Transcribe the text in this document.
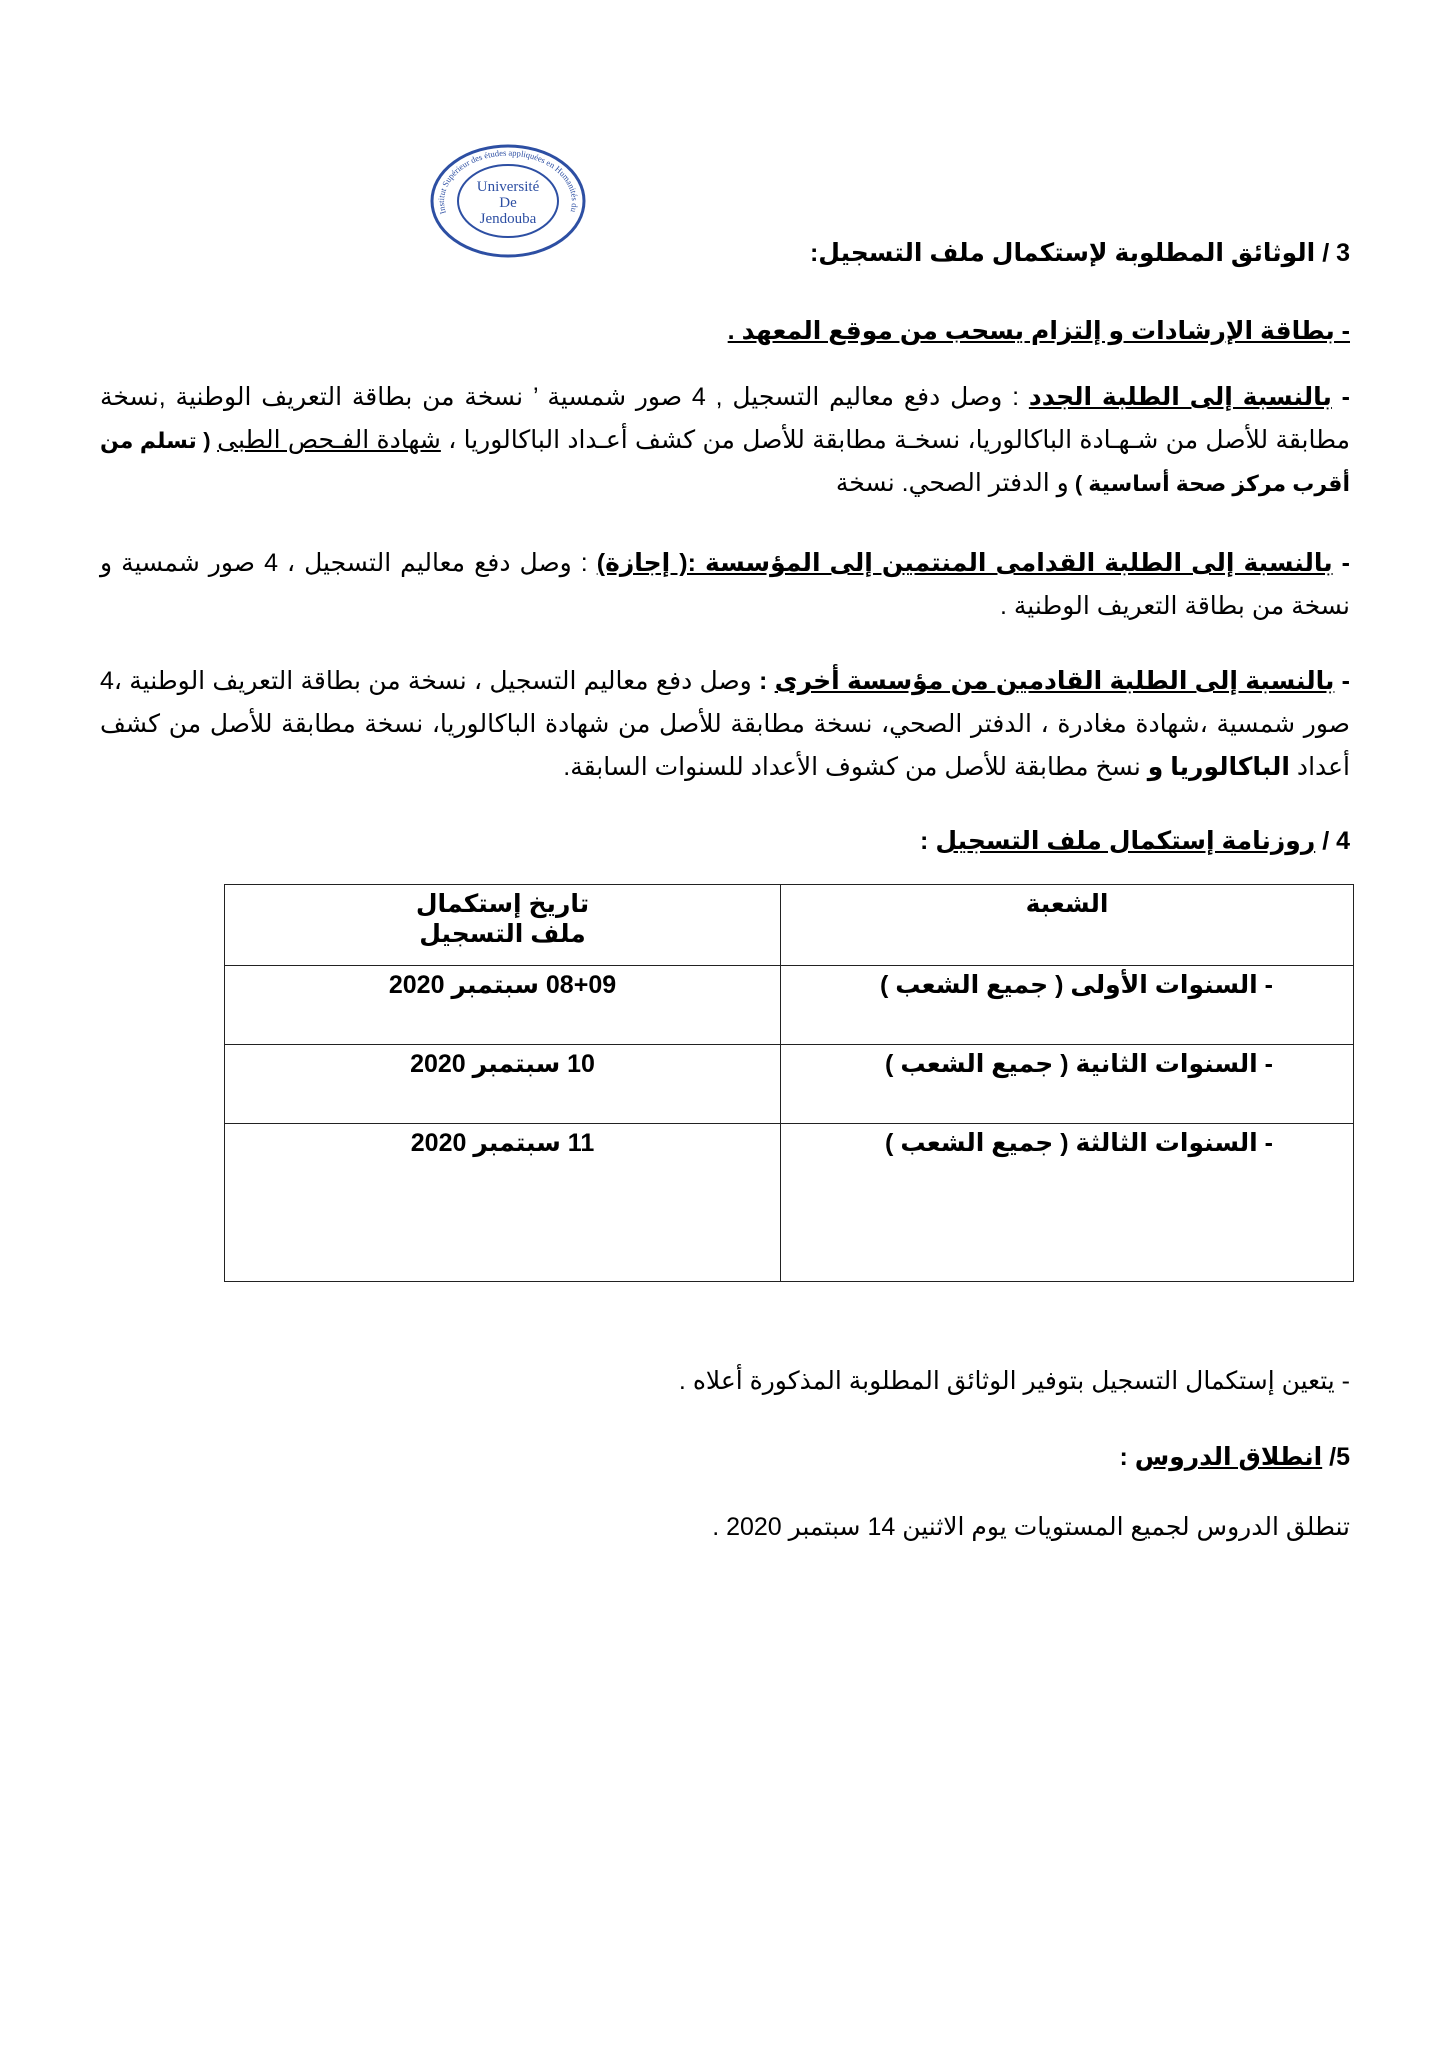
Université
De
Jendouba
Institut Supérieur des études appliquées en Humanités du
3 / الوثائق المطلوبة لإستكمال ملف التسجيل:
- بطاقة الإرشادات و إلتزام يسحب من موقع المعهد .

- بالنسبة إلى الطلبة الجدد : وصل دفع معاليم التسجيل , 4 صور شمسية ’ نسخة من بطاقة التعريف الوطنية ,نسخة مطابقة للأصل من شـهـادة الباكالوريا، نسخـة مطابقة للأصل من كشف أعـداد الباكالوريا ، شهادة الفـحص الطبى ( تسلم من أقرب مركز صحة أساسية ) و الدفتر الصحي. نسخة

- بالنسبة إلى الطلبة القدامى المنتمين إلى المؤسسة :( إجازة) : وصل دفع معاليم التسجيل ، 4 صور شمسية و نسخة من بطاقة التعريف الوطنية .

- بالنسبة إلى الطلبة القادمين من مؤسسة أخرى : وصل دفع معاليم التسجيل ، نسخة من بطاقة التعريف الوطنية ،4 صور شمسية ،شهادة مغادرة ، الدفتر الصحي، نسخة مطابقة للأصل من شهادة الباكالوريا، نسخة مطابقة للأصل من كشف أعداد الباكالوريا و نسخ مطابقة للأصل من كشوف الأعداد للسنوات السابقة.

4 / روزنامة إستكمال ملف التسجيل :
الشعبة	تاريخ إستكمال
ملف التسجيل

- السنوات الأولى ( جميع الشعب )	08+09 سبتمبر 2020
- السنوات الثانية ( جميع الشعب )	10 سبتمبر 2020
- السنوات الثالثة ( جميع الشعب )	11 سبتمبر 2020
- يتعين إستكمال التسجيل بتوفير الوثائق المطلوبة المذكورة أعلاه .
5/ انطلاق الدروس :
تنطلق الدروس لجميع المستويات يوم الاثنين 14 سبتمبر 2020 .
